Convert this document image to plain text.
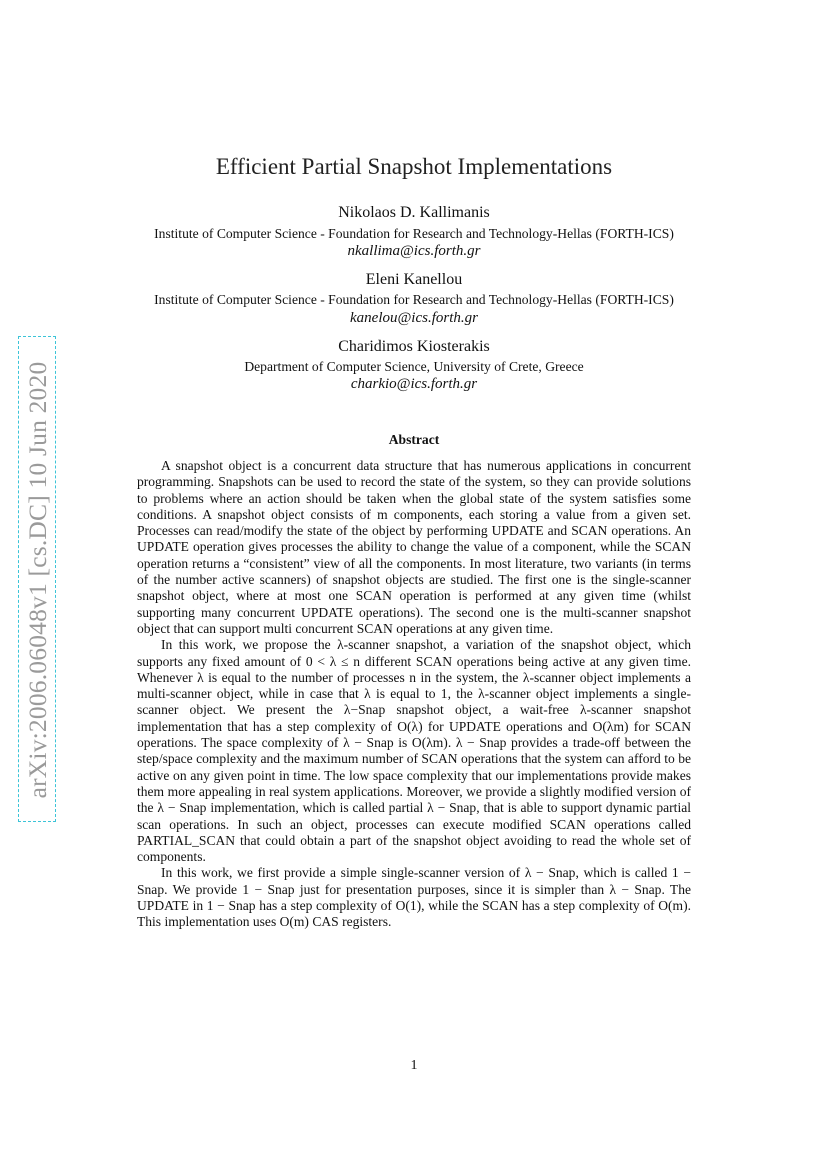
arXiv:2006.06048v1 [cs.DC] 10 Jun 2020
Efficient Partial Snapshot Implementations
Nikolaos D. Kallimanis
Institute of Computer Science - Foundation for Research and Technology-Hellas (FORTH-ICS)
nkallima@ics.forth.gr
Eleni Kanellou
Institute of Computer Science - Foundation for Research and Technology-Hellas (FORTH-ICS)
kanelou@ics.forth.gr
Charidimos Kiosterakis
Department of Computer Science, University of Crete, Greece
charkio@ics.forth.gr
Abstract

A snapshot object is a concurrent data structure that has numerous applications in concurrent programming. Snapshots can be used to record the state of the system, so they can provide solutions to problems where an action should be taken when the global state of the system satisfies some conditions. A snapshot object consists of m components, each storing a value from a given set. Processes can read/modify the state of the object by performing UPDATE and SCAN operations. An UPDATE operation gives processes the ability to change the value of a component, while the SCAN operation returns a “consistent” view of all the components. In most literature, two variants (in terms of the number active scanners) of snapshot objects are studied. The first one is the single-scanner snapshot object, where at most one SCAN operation is performed at any given time (whilst supporting many concurrent UPDATE operations). The second one is the multi-scanner snapshot object that can support multi concurrent SCAN operations at any given time.

In this work, we propose the λ-scanner snapshot, a variation of the snapshot object, which supports any fixed amount of 0 < λ ≤ n different SCAN operations being active at any given time. Whenever λ is equal to the number of processes n in the system, the λ-scanner object implements a multi-scanner object, while in case that λ is equal to 1, the λ-scanner object implements a single-scanner object. We present the λ−Snap snapshot object, a wait-free λ-scanner snapshot implementation that has a step complexity of O(λ) for UPDATE operations and O(λm) for SCAN operations. The space complexity of λ − Snap is O(λm). λ − Snap provides a trade-off between the step/space complexity and the maximum number of SCAN operations that the system can afford to be active on any given point in time. The low space complexity that our implementations provide makes them more appealing in real system applications. Moreover, we provide a slightly modified version of the λ − Snap implementation, which is called partial λ − Snap, that is able to support dynamic partial scan operations. In such an object, processes can execute modified SCAN operations called PARTIAL_SCAN that could obtain a part of the snapshot object avoiding to read the whole set of components.

In this work, we first provide a simple single-scanner version of λ − Snap, which is called 1 − Snap. We provide 1 − Snap just for presentation purposes, since it is simpler than λ − Snap. The UPDATE in 1 − Snap has a step complexity of O(1), while the SCAN has a step complexity of O(m). This implementation uses O(m) CAS registers.

1
